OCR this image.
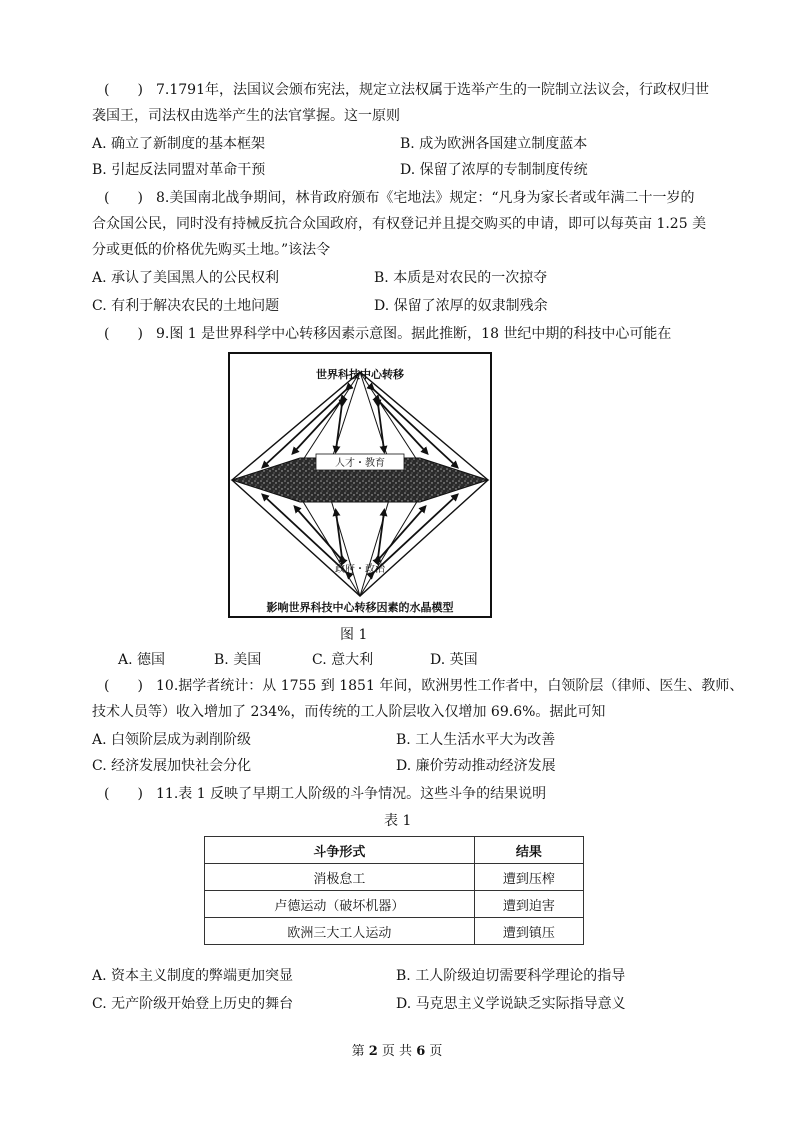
(　　) 7.1791年，法国议会颁布宪法，规定立法权属于选举产生的一院制立法议会，行政权归世
袭国王，司法权由选举产生的法官掌握。这一原则
A. 确立了新制度的基本框架	B. 成为欧洲各国建立制度蓝本
B. 引起反法同盟对革命干预	D. 保留了浓厚的专制制度传统
(　　) 8.美国南北战争期间，林肯政府颁布《宅地法》规定：“凡身为家长者或年满二十一岁的
合众国公民，同时没有持械反抗合众国政府，有权登记并且提交购买的申请，即可以每英亩 1.25 美
分或更低的价格优先购买土地。”该法令
A. 承认了美国黑人的公民权利	B. 本质是对农民的一次掠夺
C. 有利于解决农民的土地问题	D. 保留了浓厚的奴隶制残余
(　　) 9.图 1 是世界科学中心转移因素示意图。据此推断，18 世纪中期的科技中心可能在
世界科技中心转移
人才・教育
政府・政治
影响世界科技中心转移因素的水晶模型
图 1
A. 德国	B. 美国	C. 意大利	D. 英国
(　　) 10.据学者统计：从 1755 到 1851 年间，欧洲男性工作者中，白领阶层（律师、医生、教师、
技术人员等）收入增加了 234%，而传统的工人阶层收入仅增加 69.6%。据此可知
A. 白领阶层成为剥削阶级	B. 工人生活水平大为改善
C. 经济发展加快社会分化	D. 廉价劳动推动经济发展
(　　) 11.表 1 反映了早期工人阶级的斗争情况。这些斗争的结果说明
表 1
斗争形式	结果
消极怠工	遭到压榨
卢德运动（破坏机器）	遭到迫害
欧洲三大工人运动	遭到镇压
A. 资本主义制度的弊端更加突显	B. 工人阶级迫切需要科学理论的指导
C. 无产阶级开始登上历史的舞台	D. 马克思主义学说缺乏实际指导意义
第 2 页 共 6 页
